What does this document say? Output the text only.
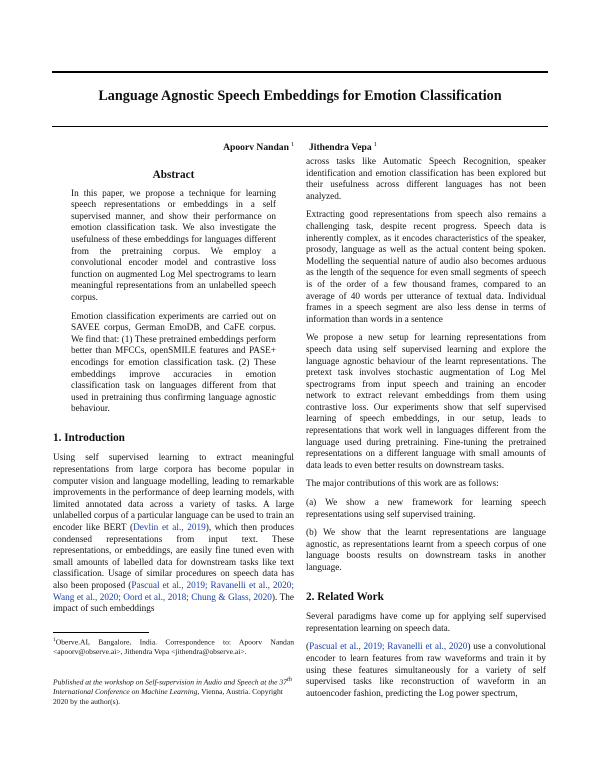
Language Agnostic Speech Embeddings for Emotion Classification
Apoorv Nandan $^1$ Jithendra Vepa $^1$
Abstract

In this paper, we propose a technique for learning speech representations or embeddings in a self supervised manner, and show their performance on emotion classification task. We also investigate the usefulness of these embeddings for languages different from the pretraining corpus. We employ a convolutional encoder model and contrastive loss function on augmented Log Mel spectrograms to learn meaningful representations from an unlabelled speech corpus.

Emotion classification experiments are carried out on SAVEE corpus, German EmoDB, and CaFE corpus. We find that: (1) These pretrained embeddings perform better than MFCCs, openSMILE features and PASE+ encodings for emotion classification task. (2) These embeddings improve accuracies in emotion classification task on languages different from that used in pretraining thus confirming language agnostic behaviour.

1. Introduction

Using self supervised learning to extract meaningful representations from large corpora has become popular in computer vision and language modelling, leading to remarkable improvements in the performance of deep learning models, with limited annotated data across a variety of tasks. A large unlabelled corpus of a particular language can be used to train an encoder like BERT (Devlin et al., 2019), which then produces condensed representations from input text. These representations, or embeddings, are easily fine tuned even with small amounts of labelled data for downstream tasks like text classification. Usage of similar procedures on speech data has also been proposed (Pascual et al., 2019; Ravanelli et al., 2020; Wang et al., 2020; Oord et al., 2018; Chung & Glass, 2020). The impact of such embeddings

$^1$Oberve.AI, Bangalore, India. Correspondence to: Apoorv Nandan <apoorv@observe.ai>, Jithendra Vepa <jithendra@observe.ai>.
Published at the workshop on Self-supervision in Audio and Speech at the 37th International Conference on Machine Learning, Vienna, Austria. Copyright 2020 by the author(s).

across tasks like Automatic Speech Recognition, speaker identification and emotion classification has been explored but their usefulness across different languages has not been analyzed.

Extracting good representations from speech also remains a challenging task, despite recent progress. Speech data is inherently complex, as it encodes characteristics of the speaker, prosody, language as well as the actual content being spoken. Modelling the sequential nature of audio also becomes arduous as the length of the sequence for even small segments of speech is of the order of a few thousand frames, compared to an average of 40 words per utterance of textual data. Individual frames in a speech segment are also less dense in terms of information than words in a sentence

We propose a new setup for learning representations from speech data using self supervised learning and explore the language agnostic behaviour of the learnt representations. The pretext task involves stochastic augmentation of Log Mel spectrograms from input speech and training an encoder network to extract relevant embeddings from them using contrastive loss. Our experiments show that self supervised learning of speech embeddings, in our setup, leads to representations that work well in languages different from the language used during pretraining. Fine-tuning the pretrained representations on a different language with small amounts of data leads to even better results on downstream tasks.

The major contributions of this work are as follows:

(a) We show a new framework for learning speech representations using self supervised training.

(b) We show that the learnt representations are language agnostic, as representations learnt from a speech corpus of one language boosts results on downstream tasks in another language.

2. Related Work

Several paradigms have come up for applying self supervised representation learning on speech data.

(Pascual et al., 2019; Ravanelli et al., 2020) use a convolutional encoder to learn features from raw waveforms and train it by using these features simultaneously for a variety of self supervised tasks like reconstruction of waveform in an autoencoder fashion, predicting the Log power spectrum,
